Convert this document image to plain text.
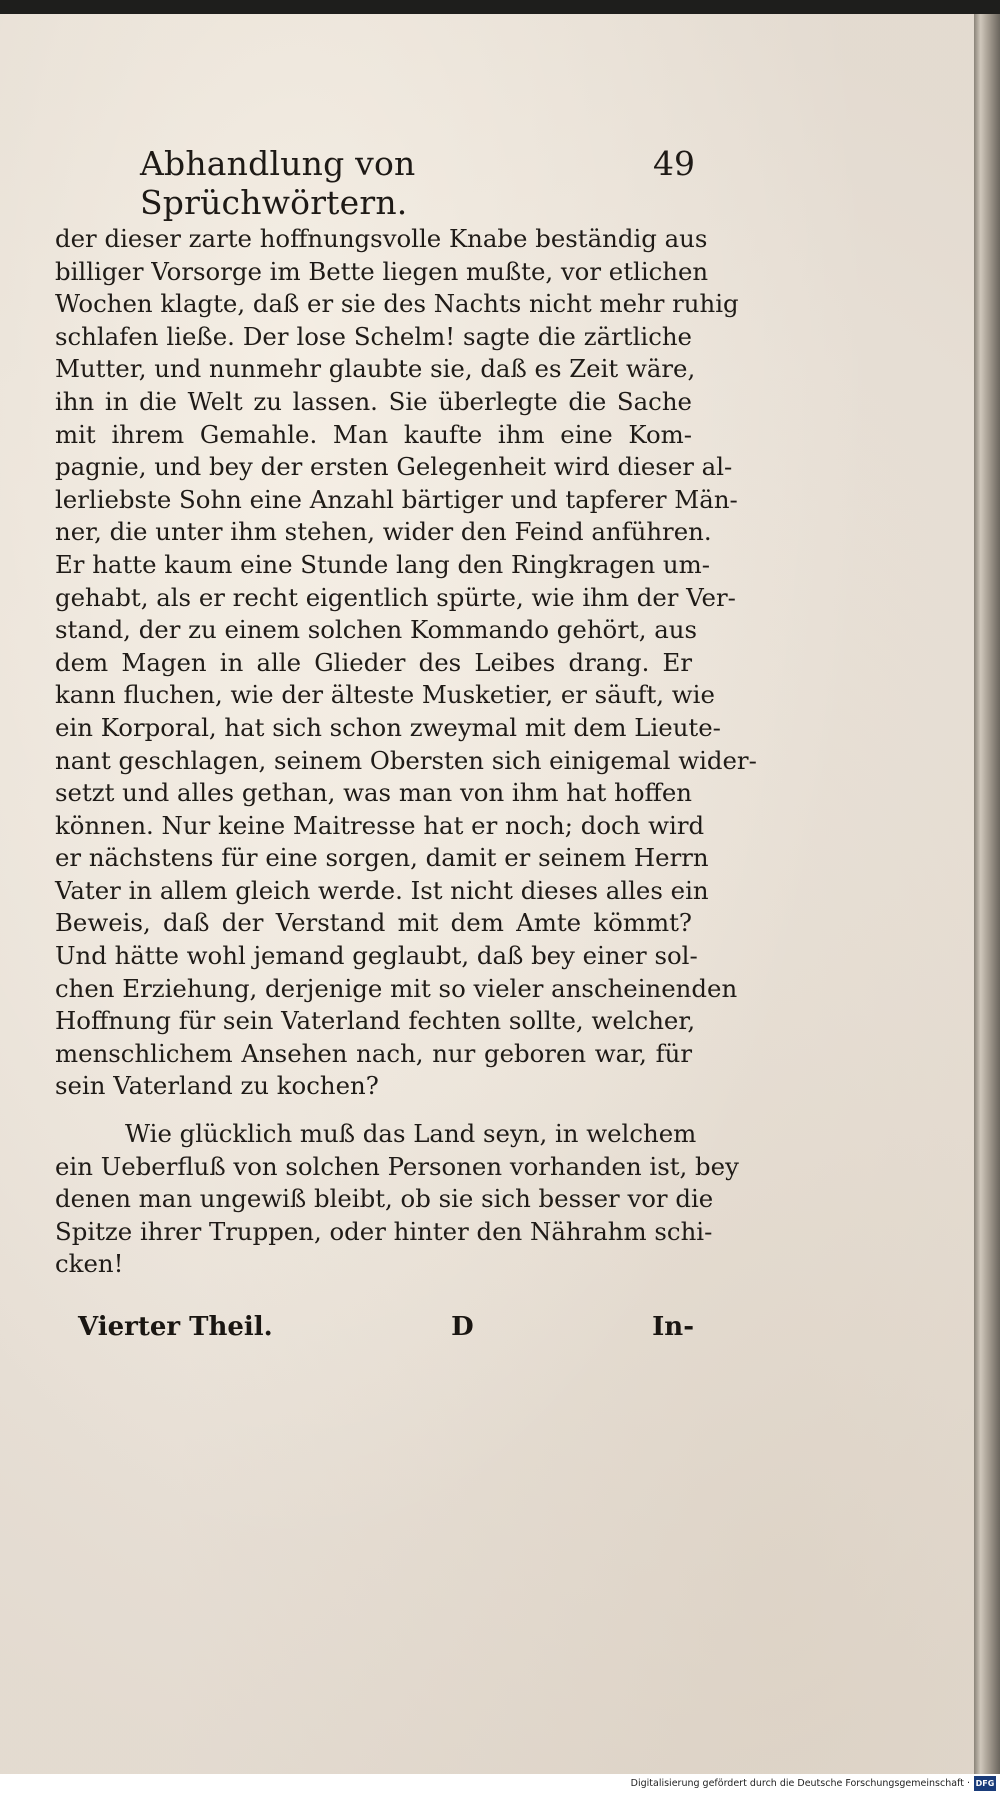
Abhandlung von Sprüchwörtern.
49
der dieser zarte hoffnungsvolle Knabe beständig aus
billiger Vorsorge im Bette liegen mußte, vor etlichen
Wochen klagte, daß er sie des Nachts nicht mehr ruhig
schlafen ließe. Der lose Schelm! sagte die zärtliche
Mutter, und nunmehr glaubte sie, daß es Zeit wäre,
ihn in die Welt zu lassen. Sie überlegte die Sache
mit ihrem Gemahle. Man kaufte ihm eine Kom-
pagnie, und bey der ersten Gelegenheit wird dieser al-
lerliebste Sohn eine Anzahl bärtiger und tapferer Män-
ner, die unter ihm stehen, wider den Feind anführen.
Er hatte kaum eine Stunde lang den Ringkragen um-
gehabt, als er recht eigentlich spürte, wie ihm der Ver-
stand, der zu einem solchen Kommando gehört, aus
dem Magen in alle Glieder des Leibes drang. Er
kann fluchen, wie der älteste Musketier, er säuft, wie
ein Korporal, hat sich schon zweymal mit dem Lieute-
nant geschlagen, seinem Obersten sich einigemal wider-
setzt und alles gethan, was man von ihm hat hoffen
können. Nur keine Maitresse hat er noch; doch wird
er nächstens für eine sorgen, damit er seinem Herrn
Vater in allem gleich werde. Ist nicht dieses alles ein
Beweis, daß der Verstand mit dem Amte kömmt?
Und hätte wohl jemand geglaubt, daß bey einer sol-
chen Erziehung, derjenige mit so vieler anscheinenden
Hoffnung für sein Vaterland fechten sollte, welcher,
menschlichem Ansehen nach, nur geboren war, für
sein Vaterland zu kochen?
Wie glücklich muß das Land seyn, in welchem
ein Ueberfluß von solchen Personen vorhanden ist, bey
denen man ungewiß bleibt, ob sie sich besser vor die
Spitze ihrer Truppen, oder hinter den Nährahm schi-
cken!
Vierter Theil.	D	In-
Digitalisierung gefördert durch die Deutsche Forschungsgemeinschaft · DFG
